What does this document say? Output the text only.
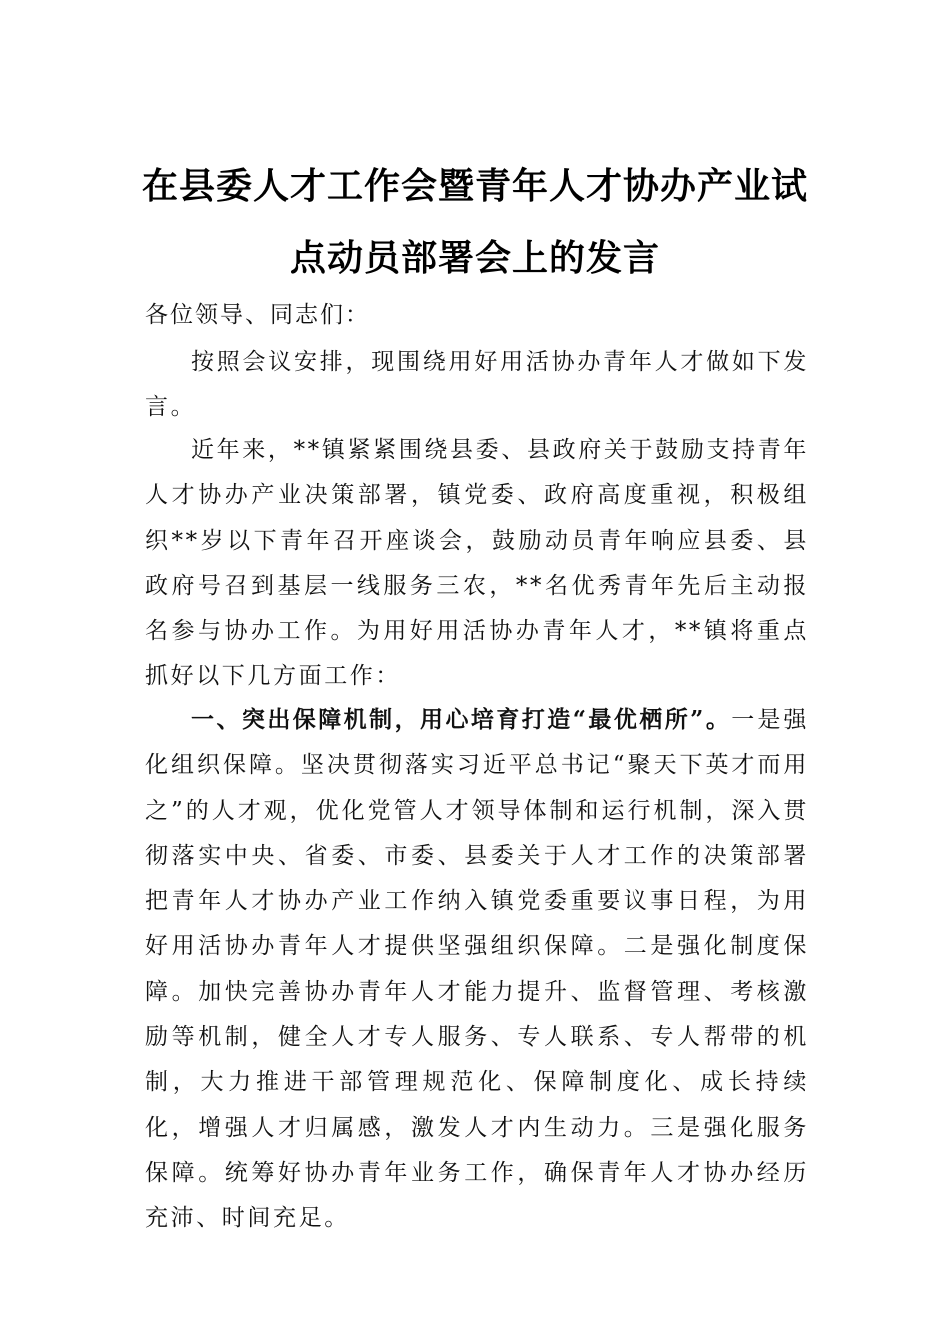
在县委人才工作会暨青年人才协办产业试
点动员部署会上的发言
各位领导、同志们：
按照会议安排，现围绕用好用活协办青年人才做如下发言。
近年来，**镇紧紧围绕县委、县政府关于鼓励支持青年人才协办产业决策部署，镇党委、政府高度重视，积极组织**岁以下青年召开座谈会，鼓励动员青年响应县委、县政府号召到基层一线服务三农，**名优秀青年先后主动报名参与协办工作。为用好用活协办青年人才，**镇将重点抓好以下几方面工作：
一、突出保障机制，用心培育打造“最优栖所”。一是强化组织保障。坚决贯彻落实习近平总书记“聚天下英才而用之”的人才观，优化党管人才领导体制和运行机制，深入贯彻落实中央、省委、市委、县委关于人才工作的决策部署把青年人才协办产业工作纳入镇党委重要议事日程，为用好用活协办青年人才提供坚强组织保障。二是强化制度保障。加快完善协办青年人才能力提升、监督管理、考核激励等机制，健全人才专人服务、专人联系、专人帮带的机制，大力推进干部管理规范化、保障制度化、成长持续化，增强人才归属感，激发人才内生动力。三是强化服务保障。统筹好协办青年业务工作，确保青年人才协办经历充沛、时间充足。
